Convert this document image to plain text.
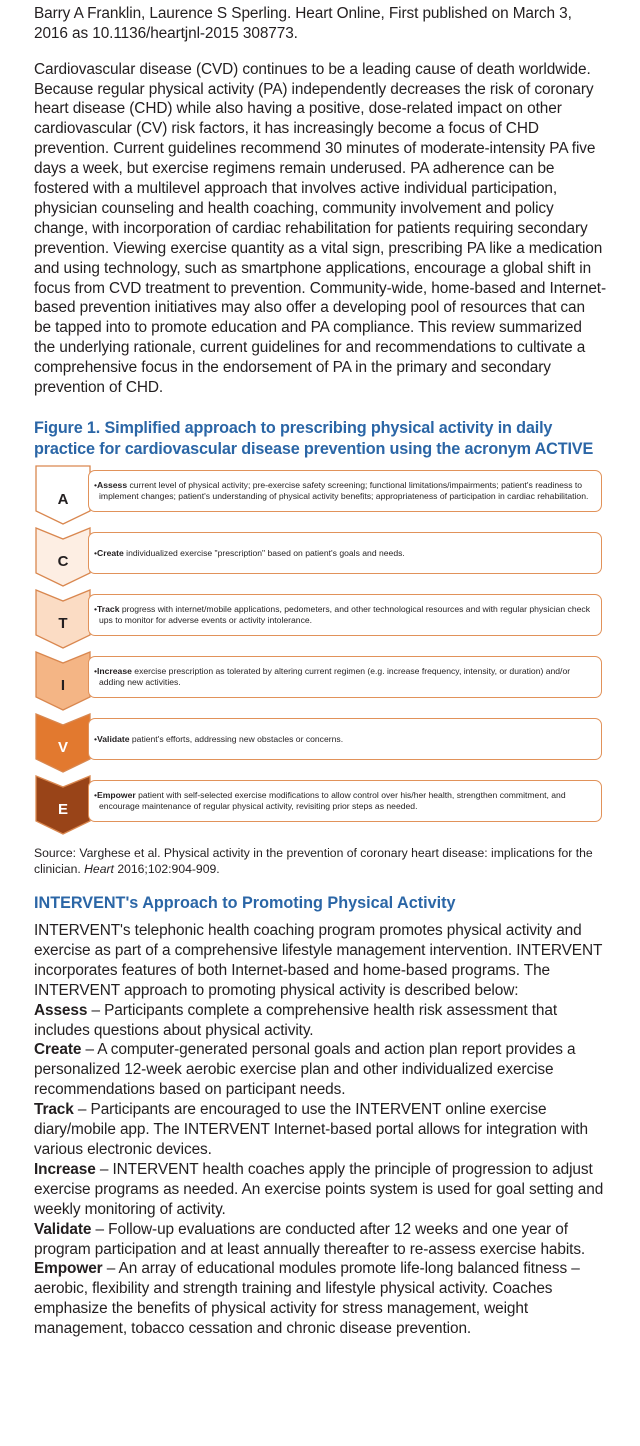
Barry A Franklin, Laurence S Sperling. Heart Online, First published on March 3, 2016 as 10.1136/heartjnl-2015 308773.

Cardiovascular disease (CVD) continues to be a leading cause of death worldwide. Because regular physical activity (PA) independently decreases the risk of coronary heart disease (CHD) while also having a positive, dose-related impact on other cardiovascular (CV) risk factors, it has increasingly become a focus of CHD prevention. Current guidelines recommend 30 minutes of moderate-intensity PA five days a week, but exercise regimens remain underused. PA adherence can be fostered with a multilevel approach that involves active individual participation, physician counseling and health coaching, community involvement and policy change, with incorporation of cardiac rehabilitation for patients requiring secondary prevention. Viewing exercise quantity as a vital sign, prescribing PA like a medication and using technology, such as smartphone applications, encourage a global shift in focus from CVD treatment to prevention. Community-wide, home-based and Internet-based prevention initiatives may also offer a developing pool of resources that can be tapped into to promote education and PA compliance. This review summarized the underlying rationale, current guidelines for and recommendations to cultivate a comprehensive focus in the endorsement of PA in the primary and secondary prevention of CHD.

Figure 1. Simplified approach to prescribing physical activity in daily practice for cardiovascular disease prevention using the acronym ACTIVE

A
•Assess current level of physical activity; pre-exercise safety screening; functional limitations/impairments; patient's readiness to implement changes; patient's understanding of physical activity benefits; appropriateness of participation in cardiac rehabilitation.
C
•Create individualized exercise "prescription" based on patient's goals and needs.
T
•Track progress with internet/mobile applications, pedometers, and other technological resources and with regular physician check ups to monitor for adverse events or activity intolerance.
I
•Increase exercise prescription as tolerated by altering current regimen (e.g. increase frequency, intensity, or duration) and/or adding new activities.
V
•Validate patient's efforts, addressing new obstacles or concerns.
E
•Empower patient with self-selected exercise modifications to allow control over his/her health, strengthen commitment, and encourage maintenance of regular physical activity, revisiting prior steps as needed.

Source: Varghese et al. Physical activity in the prevention of coronary heart disease: implications for the clinician. Heart 2016;102:904-909.

INTERVENT's Approach to Promoting Physical Activity

INTERVENT's telephonic health coaching program promotes physical activity and exercise as part of a comprehensive lifestyle management intervention. INTERVENT incorporates features of both Internet-based and home-based programs. The INTERVENT approach to promoting physical activity is described below:

Assess – Participants complete a comprehensive health risk assessment that includes questions about physical activity.

Create – A computer-generated personal goals and action plan report provides a personalized 12-week aerobic exercise plan and other individualized exercise recommendations based on participant needs.

Track – Participants are encouraged to use the INTERVENT online exercise diary/mobile app. The INTERVENT Internet-based portal allows for integration with various electronic devices.

Increase – INTERVENT health coaches apply the principle of progression to adjust exercise programs as needed. An exercise points system is used for goal setting and weekly monitoring of activity.

Validate – Follow-up evaluations are conducted after 12 weeks and one year of program participation and at least annually thereafter to re-assess exercise habits.

Empower – An array of educational modules promote life-long balanced fitness – aerobic, flexibility and strength training and lifestyle physical activity. Coaches emphasize the benefits of physical activity for stress management, weight management, tobacco cessation and chronic disease prevention.
